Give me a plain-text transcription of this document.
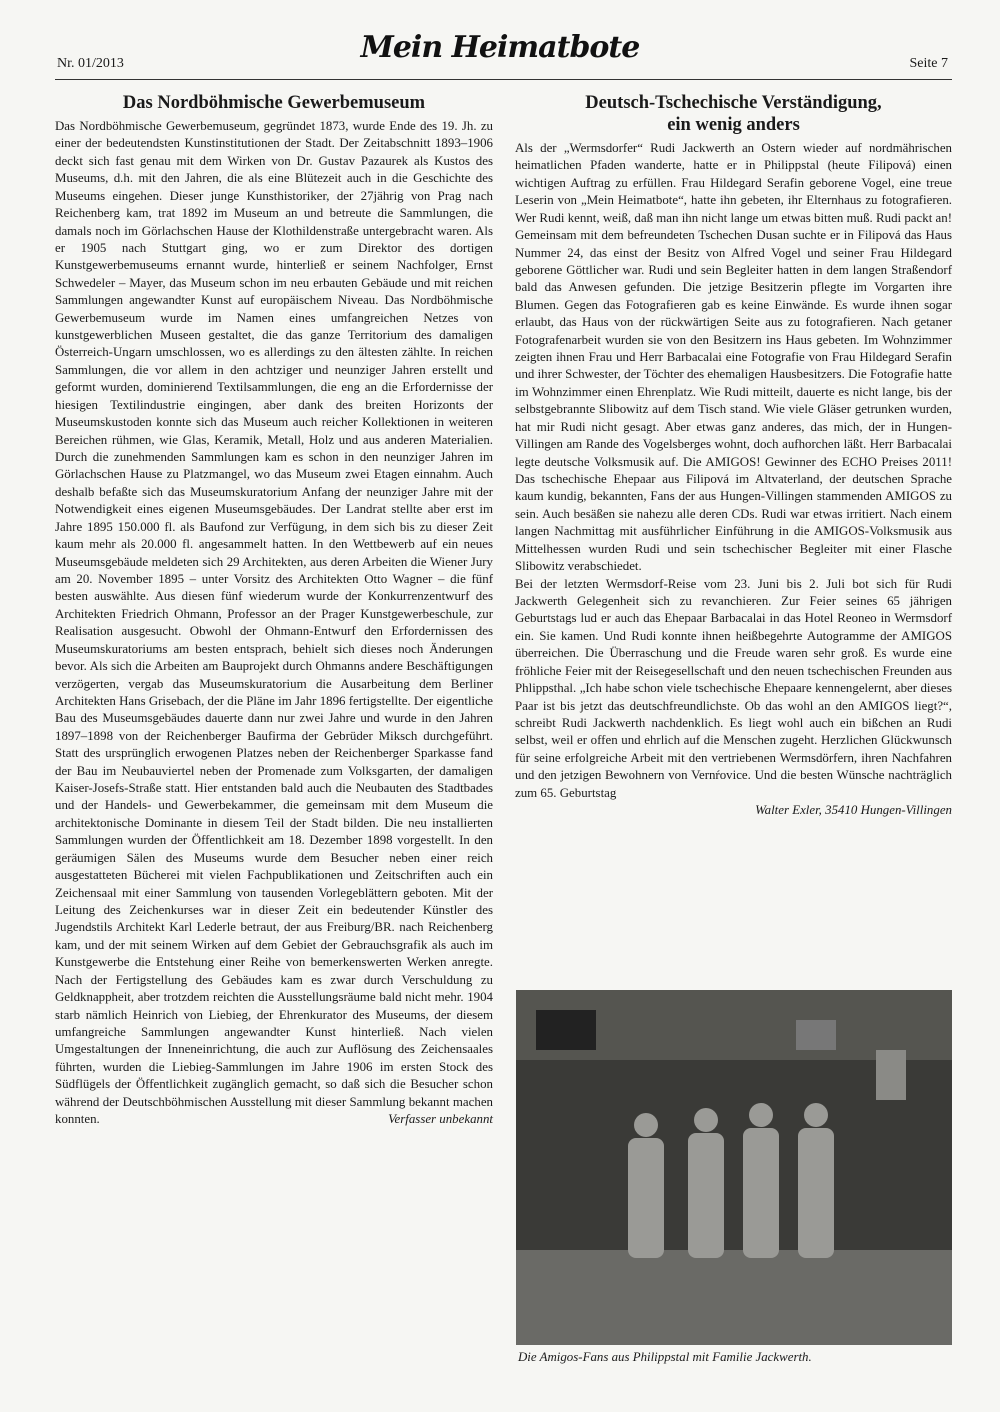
Nr. 01/2013	Mein Heimatbote	Seite 7
Das Nordböhmische Gewerbemuseum

Das Nordböhmische Gewerbemuseum, gegründet 1873, wurde Ende des 19. Jh. zu einer der bedeutendsten Kunstinstitutionen der Stadt. Der Zeitabschnitt 1893–1906 deckt sich fast genau mit dem Wirken von Dr. Gustav Pazaurek als Kustos des Museums, d.h. mit den Jahren, die als eine Blütezeit auch in die Geschichte des Museums eingehen. Dieser junge Kunsthistoriker, der 27jährig von Prag nach Reichenberg kam, trat 1892 im Museum an und betreute die Sammlungen, die damals noch im Görlachschen Hause der Klothildenstraße untergebracht waren. Als er 1905 nach Stuttgart ging, wo er zum Direktor des dortigen Kunstgewerbemuseums ernannt wurde, hinterließ er seinem Nachfolger, Ernst Schwedeler – Mayer, das Museum schon im neu erbauten Gebäude und mit reichen Sammlungen angewandter Kunst auf europäischem Niveau. Das Nordböhmische Gewerbemuseum wurde im Namen eines umfangreichen Netzes von kunstgewerblichen Museen gestaltet, die das ganze Territorium des damaligen Österreich-Ungarn umschlossen, wo es allerdings zu den ältesten zählte. In reichen Sammlungen, die vor allem in den achtziger und neunziger Jahren erstellt und geformt wurden, dominierend Textilsammlungen, die eng an die Erfordernisse der hiesigen Textilindustrie eingingen, aber dank des breiten Horizonts der Museumskustoden konnte sich das Museum auch reicher Kollektionen in weiteren Bereichen rühmen, wie Glas, Keramik, Metall, Holz und aus anderen Materialien. Durch die zunehmenden Sammlungen kam es schon in den neunziger Jahren im Görlachschen Hause zu Platzmangel, wo das Museum zwei Etagen einnahm. Auch deshalb befaßte sich das Museumskuratorium Anfang der neunziger Jahre mit der Notwendigkeit eines eigenen Museumsgebäudes. Der Landrat stellte aber erst im Jahre 1895 150.000 fl. als Baufond zur Verfügung, in dem sich bis zu dieser Zeit kaum mehr als 20.000 fl. angesammelt hatten. In den Wettbewerb auf ein neues Museumsgebäude meldeten sich 29 Architekten, aus deren Arbeiten die Wiener Jury am 20. November 1895 – unter Vorsitz des Architekten Otto Wagner – die fünf besten auswählte. Aus diesen fünf wiederum wurde der Konkurrenzentwurf des Architekten Friedrich Ohmann, Professor an der Prager Kunstgewerbeschule, zur Realisation ausgesucht. Obwohl der Ohmann-Entwurf den Erfordernissen des Museumskuratoriums am besten entsprach, behielt sich dieses noch Änderungen bevor. Als sich die Arbeiten am Bauprojekt durch Ohmanns andere Beschäftigungen verzögerten, vergab das Museumskuratorium die Ausarbeitung dem Berliner Architekten Hans Grisebach, der die Pläne im Jahr 1896 fertigstellte. Der eigentliche Bau des Museumsgebäudes dauerte dann nur zwei Jahre und wurde in den Jahren 1897–1898 von der Reichenberger Baufirma der Gebrüder Miksch durchgeführt. Statt des ursprünglich erwogenen Platzes neben der Reichenberger Sparkasse fand der Bau im Neubauviertel neben der Promenade zum Volksgarten, der damaligen Kaiser-Josefs-Straße statt. Hier entstanden bald auch die Neubauten des Stadtbades und der Handels- und Gewerbekammer, die gemeinsam mit dem Museum die architektonische Dominante in diesem Teil der Stadt bilden. Die neu installierten Sammlungen wurden der Öffentlichkeit am 18. Dezember 1898 vorgestellt. In den geräumigen Sälen des Museums wurde dem Besucher neben einer reich ausgestatteten Bücherei mit vielen Fachpublikationen und Zeitschriften auch ein Zeichensaal mit einer Sammlung von tausenden Vorlegeblättern geboten. Mit der Leitung des Zeichenkurses war in dieser Zeit ein bedeutender Künstler des Jugendstils Architekt Karl Lederle betraut, der aus Freiburg/BR. nach Reichenberg kam, und der mit seinem Wirken auf dem Gebiet der Gebrauchsgrafik als auch im Kunstgewerbe die Entstehung einer Reihe von bemerkenswerten Werken anregte. Nach der Fertigstellung des Gebäudes kam es zwar durch Verschuldung zu Geldknappheit, aber trotzdem reichten die Ausstellungsräume bald nicht mehr. 1904 starb nämlich Heinrich von Liebieg, der Ehrenkurator des Museums, der diesem umfangreiche Sammlungen angewandter Kunst hinterließ. Nach vielen Umgestaltungen der Inneneinrichtung, die auch zur Auflösung des Zeichensaales führten, wurden die Liebieg-Sammlungen im Jahre 1906 im ersten Stock des Südflügels der Öffentlichkeit zugänglich gemacht, so daß sich die Besucher schon während der Deutschböhmischen Ausstellung mit dieser Sammlung bekannt machen konnten.	Verfasser unbekannt

Deutsch-Tschechische Verständigung,
ein wenig anders

Als der „Wermsdorfer“ Rudi Jackwerth an Ostern wieder auf nordmährischen heimatlichen Pfaden wanderte, hatte er in Philippstal (heute Filipová) einen wichtigen Auftrag zu erfüllen. Frau Hildegard Serafin geborene Vogel, eine treue Leserin von „Mein Heimatbote“, hatte ihn gebeten, ihr Elternhaus zu fotografieren. Wer Rudi kennt, weiß, daß man ihn nicht lange um etwas bitten muß. Rudi packt an! Gemeinsam mit dem befreundeten Tschechen Dusan suchte er in Filipová das Haus Nummer 24, das einst der Besitz von Alfred Vogel und seiner Frau Hildegard geborene Göttlicher war. Rudi und sein Begleiter hatten in dem langen Straßendorf bald das Anwesen gefunden. Die jetzige Besitzerin pflegte im Vorgarten ihre Blumen. Gegen das Fotografieren gab es keine Einwände. Es wurde ihnen sogar erlaubt, das Haus von der rückwärtigen Seite aus zu fotografieren. Nach getaner Fotografenarbeit wurden sie von den Besitzern ins Haus gebeten. Im Wohnzimmer zeigten ihnen Frau und Herr Barbacalai eine Fotografie von Frau Hildegard Serafin und ihrer Schwester, der Töchter des ehemaligen Hausbesitzers. Die Fotografie hatte im Wohnzimmer einen Ehrenplatz. Wie Rudi mitteilt, dauerte es nicht lange, bis der selbstgebrannte Slibowitz auf dem Tisch stand. Wie viele Gläser getrunken wurden, hat mir Rudi nicht gesagt. Aber etwas ganz anderes, das mich, der in Hungen-Villingen am Rande des Vogelsberges wohnt, doch aufhorchen läßt. Herr Barbacalai legte deutsche Volksmusik auf. Die AMIGOS! Gewinner des ECHO Preises 2011! Das tschechische Ehepaar aus Filipová im Altvaterland, der deutschen Sprache kaum kundig, bekannten, Fans der aus Hungen-Villingen stammenden AMIGOS zu sein. Auch besäßen sie nahezu alle deren CDs. Rudi war etwas irritiert. Nach einem langen Nachmittag mit ausführlicher Einführung in die AMIGOS-Volksmusik aus Mittelhessen wurden Rudi und sein tschechischer Begleiter mit einer Flasche Slibowitz verabschiedet.

Bei der letzten Wermsdorf-Reise vom 23. Juni bis 2. Juli bot sich für Rudi Jackwerth Gelegenheit sich zu revanchieren. Zur Feier seines 65 jährigen Geburtstags lud er auch das Ehepaar Barbacalai in das Hotel Reoneo in Wermsdorf ein. Sie kamen. Und Rudi konnte ihnen heißbegehrte Autogramme der AMIGOS überreichen. Die Überraschung und die Freude waren sehr groß. Es wurde eine fröhliche Feier mit der Reisegesellschaft und den neuen tschechischen Freunden aus Phlippsthal. „Ich habe schon viele tschechische Ehepaare kennengelernt, aber dieses Paar ist bis jetzt das deutschfreundlichste. Ob das wohl an den AMIGOS liegt?“, schreibt Rudi Jackwerth nachdenklich. Es liegt wohl auch ein bißchen an Rudi selbst, weil er offen und ehrlich auf die Menschen zugeht. Herzlichen Glückwunsch für seine erfolgreiche Arbeit mit den vertriebenen Wermsdörfern, ihren Nachfahren und den jetzigen Bewohnern von Vernŕovice. Und die besten Wünsche nachträglich zum 65. Geburtstag

Walter Exler, 35410 Hungen-Villingen
Die Amigos-Fans aus Philippstal mit Familie Jackwerth.
